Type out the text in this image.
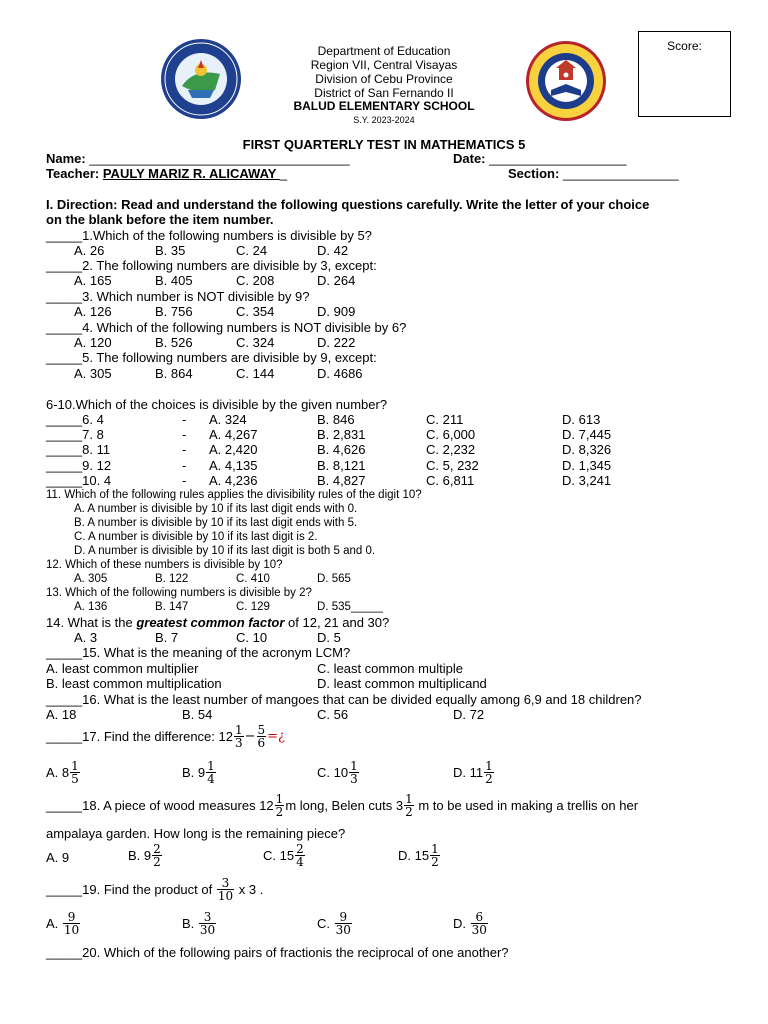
Score:
Department of Education
Region VII, Central Visayas
Division of Cebu Province
District of San Fernando II
BALUD ELEMENTARY SCHOOL
S.Y. 2023-2024
FIRST QUARTERLY TEST IN MATHEMATICS 5
Name: ____________________________________	Date: ___________________
Teacher: PAULY MARIZ R. ALICAWAY _	Section: ________________
I. Direction: Read and understand the following questions carefully. Write the letter of your choice
on the blank before the item number.
_____1.Which of the following numbers is divisible by 5?
A. 26	B. 35	C. 24	D. 42
_____2. The following numbers are divisible by 3, except:
A. 165	B. 405	C. 208	D. 264
_____3. Which number is NOT divisible by 9?
A. 126	B. 756	C. 354	D. 909
_____4. Which of the following numbers is NOT divisible by 6?
A. 120	B. 526	C. 324	D. 222
_____5. The following numbers are divisible by 9, except:
A. 305	B. 864	C. 144	D. 4686
6-10.Which of the choices is divisible by the given number?
_____6. 4	- A. 324	B. 846	C. 211	D. 613
_____7. 8	- A. 4,267	B. 2,831	C. 6,000	D. 7,445
_____8. 11	- A. 2,420	B. 4,626	C. 2,232	D. 8,326
_____9. 12	- A. 4,135	B. 8,121	C. 5, 232	D. 1,345
_____10. 4	- A. 4,236	B. 4,827	C. 6,811	D. 3,241
11. Which of the following rules applies the divisibility rules of the digit 10?
A. A number is divisible by 10 if its last digit ends with 0.
B. A number is divisible by 10 if its last digit ends with 5.
C. A number is divisible by 10 if its last digit is 2.
D. A number is divisible by 10 if its last digit is both 5 and 0.
12. Which of these numbers is divisible by 10?
A. 305	B. 122	C. 410	D. 565
13. Which of the following numbers is divisible by 2?
A. 136	B. 147	C. 129	D. 535_____
14. What is the greatest common factor of 12, 21 and 30?
A. 3	B. 7	C. 10	D. 5
_____15. What is the meaning of the acronym LCM?
A. least common multiplier	C. least common multiple
B. least common multiplication	D. least common multiplicand
_____16. What is the least number of mangoes that can be divided equally among 6,9 and 18 children?
A. 18	B. 54	C. 56	D. 72
_____17. Find the difference: $12 \frac{1}{3} - \frac{5}{6}$ =¿
A. $8 \frac{1}{5}$	B. $9 \frac{1}{4}$	C. $10 \frac{1}{3}$	D. $11 \frac{1}{2}$
_____18. A piece of wood measures $12 \frac{1}{2}$ m long, Belen cuts $3 \frac{1}{2}$ m to be used in making a trellis on her
ampalaya garden. How long is the remaining piece?
A. 9	B. $9 \frac{2}{2}$	C. $15 \frac{2}{4}$	D. $15 \frac{1}{2}$
_____19. Find the product of $\frac{3}{10}$ x 3 .
A. $\frac{9}{10}$	B. $\frac{3}{30}$	C. $\frac{9}{30}$	D. $\frac{6}{30}$
_____20. Which of the following pairs of fractionis the reciprocal of one another?
